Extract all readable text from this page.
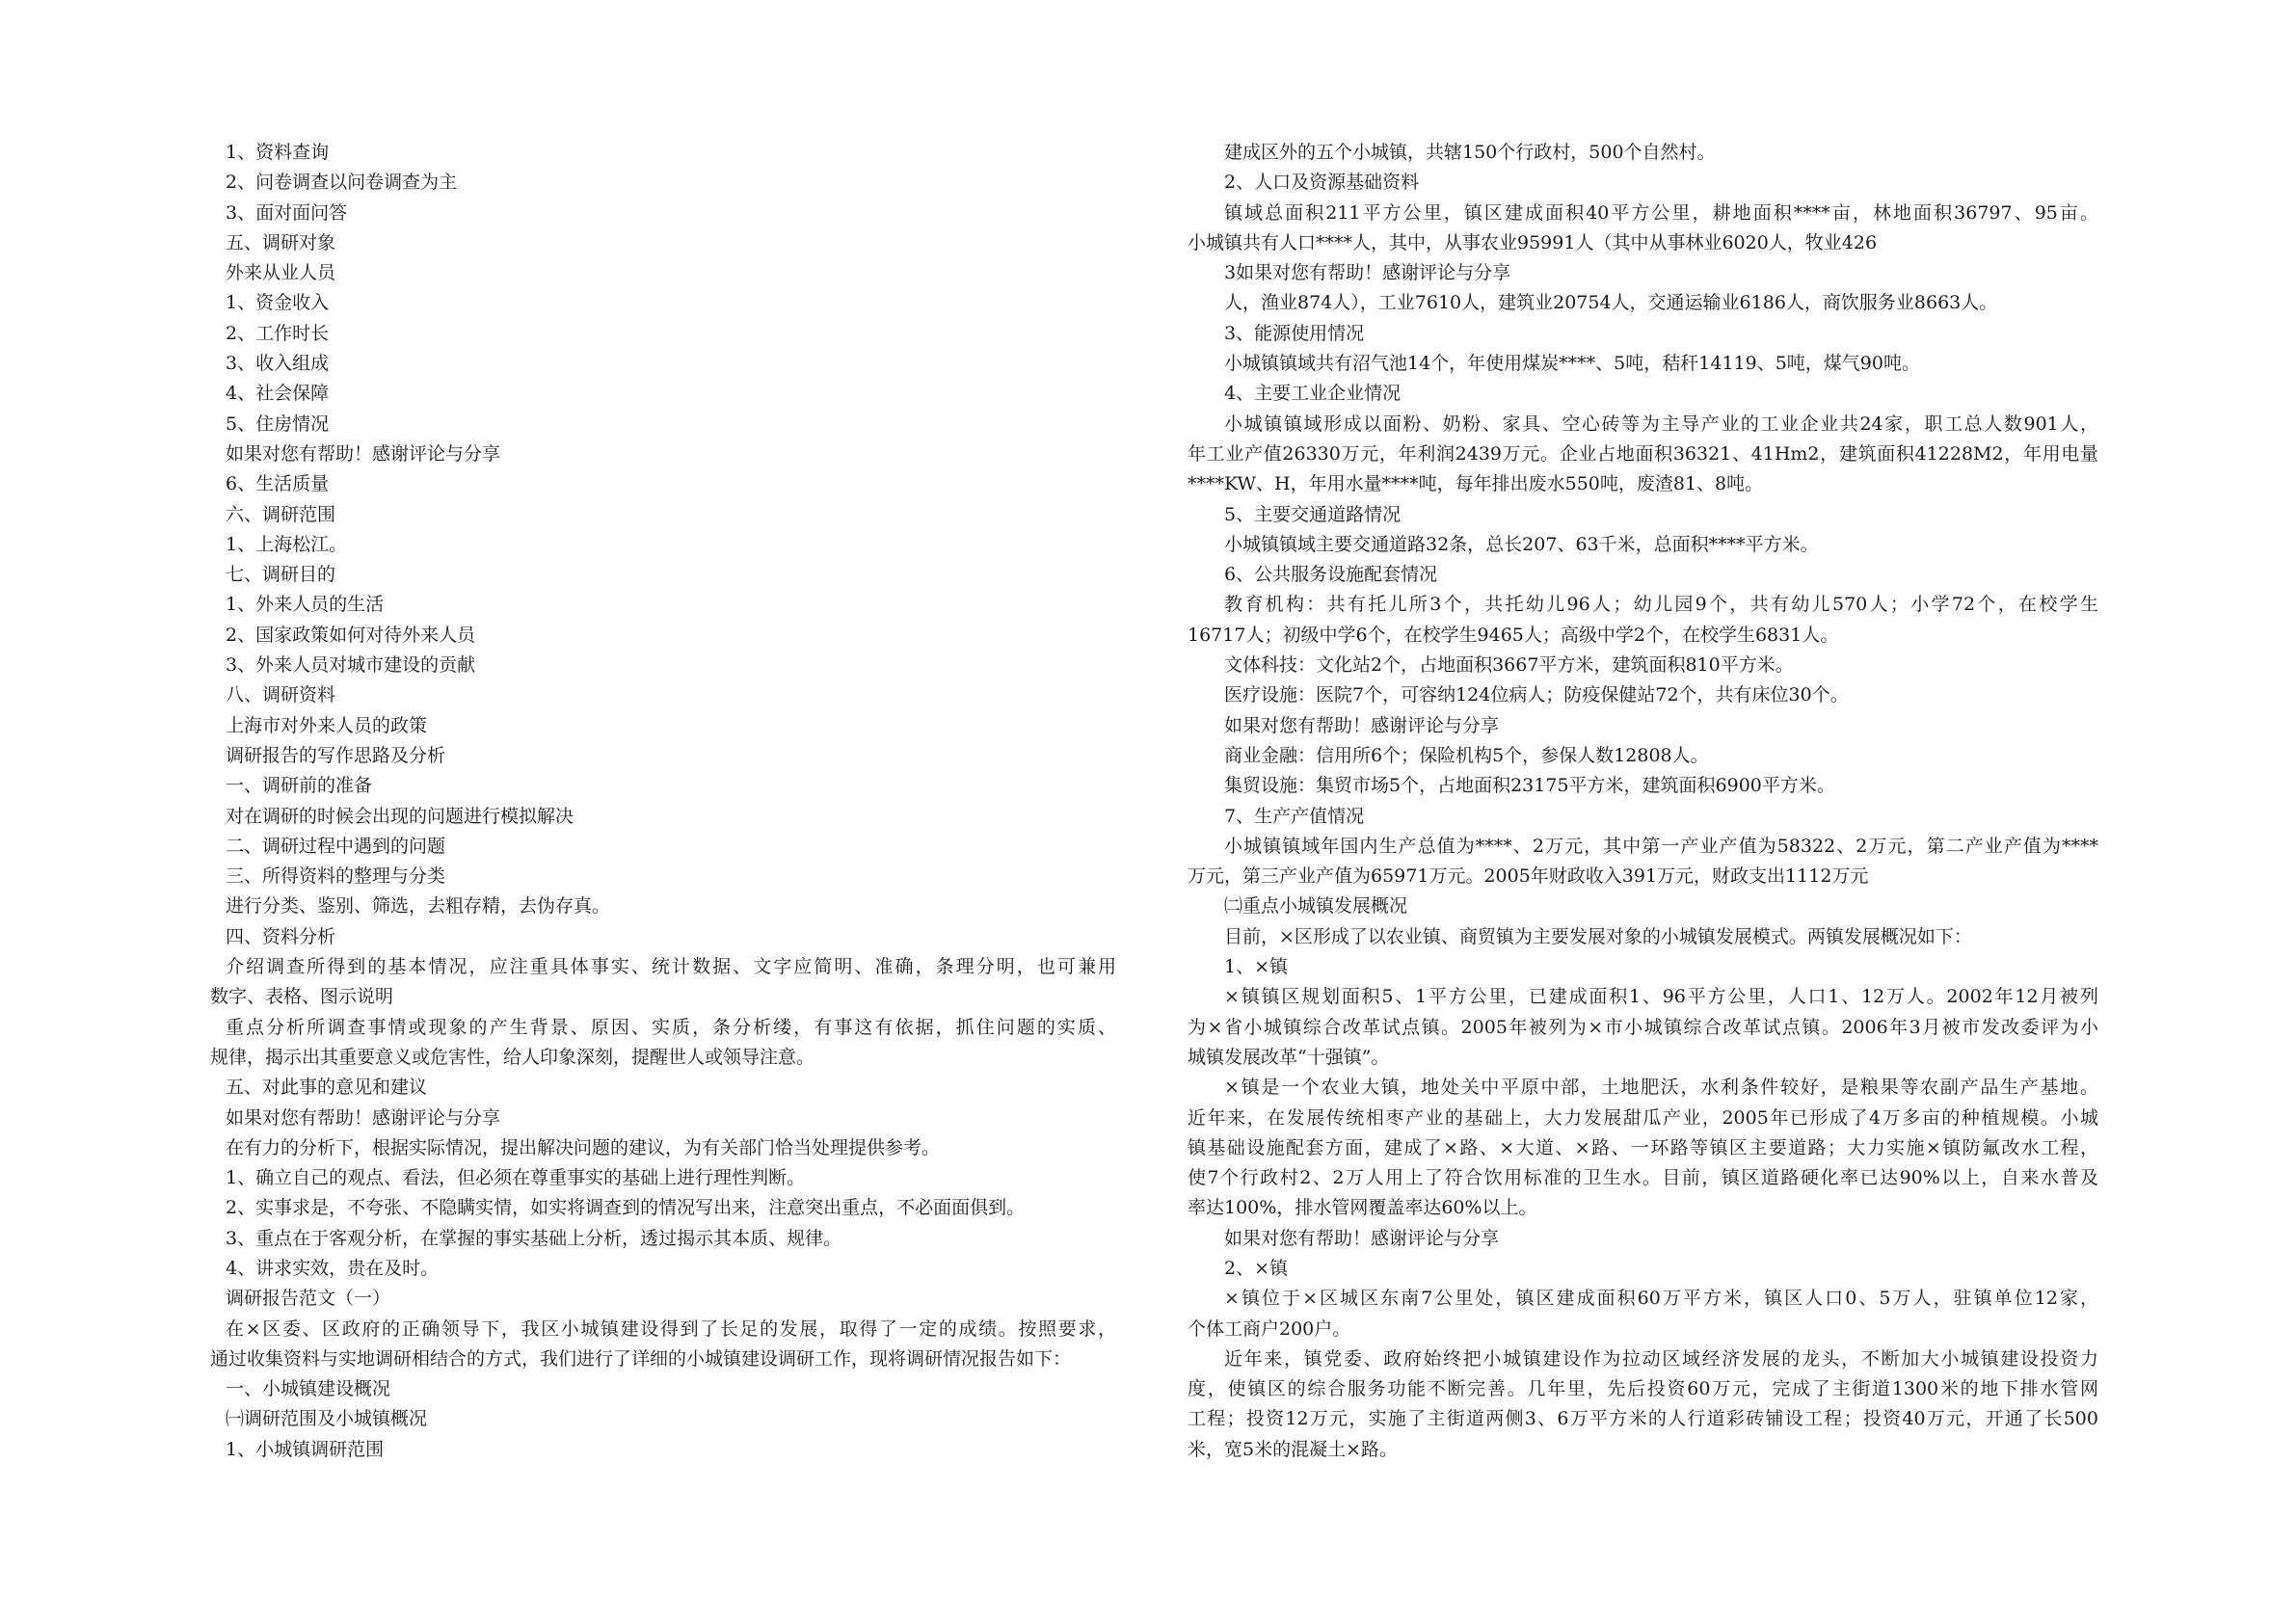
1、资料查询
2、问卷调查以问卷调查为主
3、面对面问答
五、调研对象
外来从业人员
1、资金收入
2、工作时长
3、收入组成
4、社会保障
5、住房情况
如果对您有帮助！感谢评论与分享
6、生活质量
六、调研范围
1、上海松江。
七、调研目的
1、外来人员的生活
2、国家政策如何对待外来人员
3、外来人员对城市建设的贡献
八、调研资料
上海市对外来人员的政策
调研报告的写作思路及分析
一、调研前的准备
对在调研的时候会出现的问题进行模拟解决
二、调研过程中遇到的问题
三、所得资料的整理与分类
进行分类、鉴别、筛选，去粗存精，去伪存真。
四、资料分析
介绍调查所得到的基本情况，应注重具体事实、统计数据、文字应简明、准确，条理分明，也可兼用
数字、表格、图示说明
重点分析所调查事情或现象的产生背景、原因、实质，条分析缕，有事这有依据，抓住问题的实质、
规律，揭示出其重要意义或危害性，给人印象深刻，提醒世人或领导注意。
五、对此事的意见和建议
如果对您有帮助！感谢评论与分享
在有力的分析下，根据实际情况，提出解决问题的建议，为有关部门恰当处理提供参考。
1、确立自己的观点、看法，但必须在尊重事实的基础上进行理性判断。
2、实事求是，不夸张、不隐瞒实情，如实将调查到的情况写出来，注意突出重点，不必面面俱到。
3、重点在于客观分析，在掌握的事实基础上分析，透过揭示其本质、规律。
4、讲求实效，贵在及时。
调研报告范文（一）
在×区委、区政府的正确领导下，我区小城镇建设得到了长足的发展，取得了一定的成绩。按照要求，
通过收集资料与实地调研相结合的方式，我们进行了详细的小城镇建设调研工作，现将调研情况报告如下：
一、小城镇建设概况
㈠调研范围及小城镇概况
1、小城镇调研范围
建成区外的五个小城镇，共辖150个行政村，500个自然村。
2、人口及资源基础资料
镇域总面积211平方公里，镇区建成面积40平方公里，耕地面积****亩，林地面积36797、95亩。
小城镇共有人口****人，其中，从事农业95991人（其中从事林业6020人，牧业426
3如果对您有帮助！感谢评论与分享
人，渔业874人），工业7610人，建筑业20754人，交通运输业6186人，商饮服务业8663人。
3、能源使用情况
小城镇镇域共有沼气池14个，年使用煤炭****、5吨，秸秆14119、5吨，煤气90吨。
4、主要工业企业情况
小城镇镇域形成以面粉、奶粉、家具、空心砖等为主导产业的工业企业共24家，职工总人数901人，
年工业产值26330万元，年利润2439万元。企业占地面积36321、41Hm2，建筑面积41228M2，年用电量
****KW、H，年用水量****吨，每年排出废水550吨，废渣81、8吨。
5、主要交通道路情况
小城镇镇域主要交通道路32条，总长207、63千米，总面积****平方米。
6、公共服务设施配套情况
教育机构：共有托儿所3个，共托幼儿96人；幼儿园9个，共有幼儿570人；小学72个，在校学生
16717人；初级中学6个，在校学生9465人；高级中学2个，在校学生6831人。
文体科技：文化站2个，占地面积3667平方米，建筑面积810平方米。
医疗设施：医院7个，可容纳124位病人；防疫保健站72个，共有床位30个。
如果对您有帮助！感谢评论与分享
商业金融：信用所6个；保险机构5个，参保人数12808人。
集贸设施：集贸市场5个，占地面积23175平方米，建筑面积6900平方米。
7、生产产值情况
小城镇镇域年国内生产总值为****、2万元，其中第一产业产值为58322、2万元，第二产业产值为****
万元，第三产业产值为65971万元。2005年财政收入391万元，财政支出1112万元
㈡重点小城镇发展概况
目前，×区形成了以农业镇、商贸镇为主要发展对象的小城镇发展模式。两镇发展概况如下：
1、×镇
×镇镇区规划面积5、1平方公里，已建成面积1、96平方公里，人口1、12万人。2002年12月被列
为×省小城镇综合改革试点镇。2005年被列为×市小城镇综合改革试点镇。2006年3月被市发改委评为小
城镇发展改革“十强镇”。
×镇是一个农业大镇，地处关中平原中部，土地肥沃，水利条件较好，是粮果等农副产品生产基地。
近年来，在发展传统相枣产业的基础上，大力发展甜瓜产业，2005年已形成了4万多亩的种植规模。小城
镇基础设施配套方面，建成了×路、×大道、×路、一环路等镇区主要道路；大力实施×镇防氟改水工程，
使7个行政村2、2万人用上了符合饮用标准的卫生水。目前，镇区道路硬化率已达90%以上，自来水普及
率达100%，排水管网覆盖率达60%以上。
如果对您有帮助！感谢评论与分享
2、×镇
×镇位于×区城区东南7公里处，镇区建成面积60万平方米，镇区人口0、5万人，驻镇单位12家，
个体工商户200户。
近年来，镇党委、政府始终把小城镇建设作为拉动区域经济发展的龙头，不断加大小城镇建设投资力
度，使镇区的综合服务功能不断完善。几年里，先后投资60万元，完成了主街道1300米的地下排水管网
工程；投资12万元，实施了主街道两侧3、6万平方米的人行道彩砖铺设工程；投资40万元，开通了长500
米，宽5米的混凝土×路。
